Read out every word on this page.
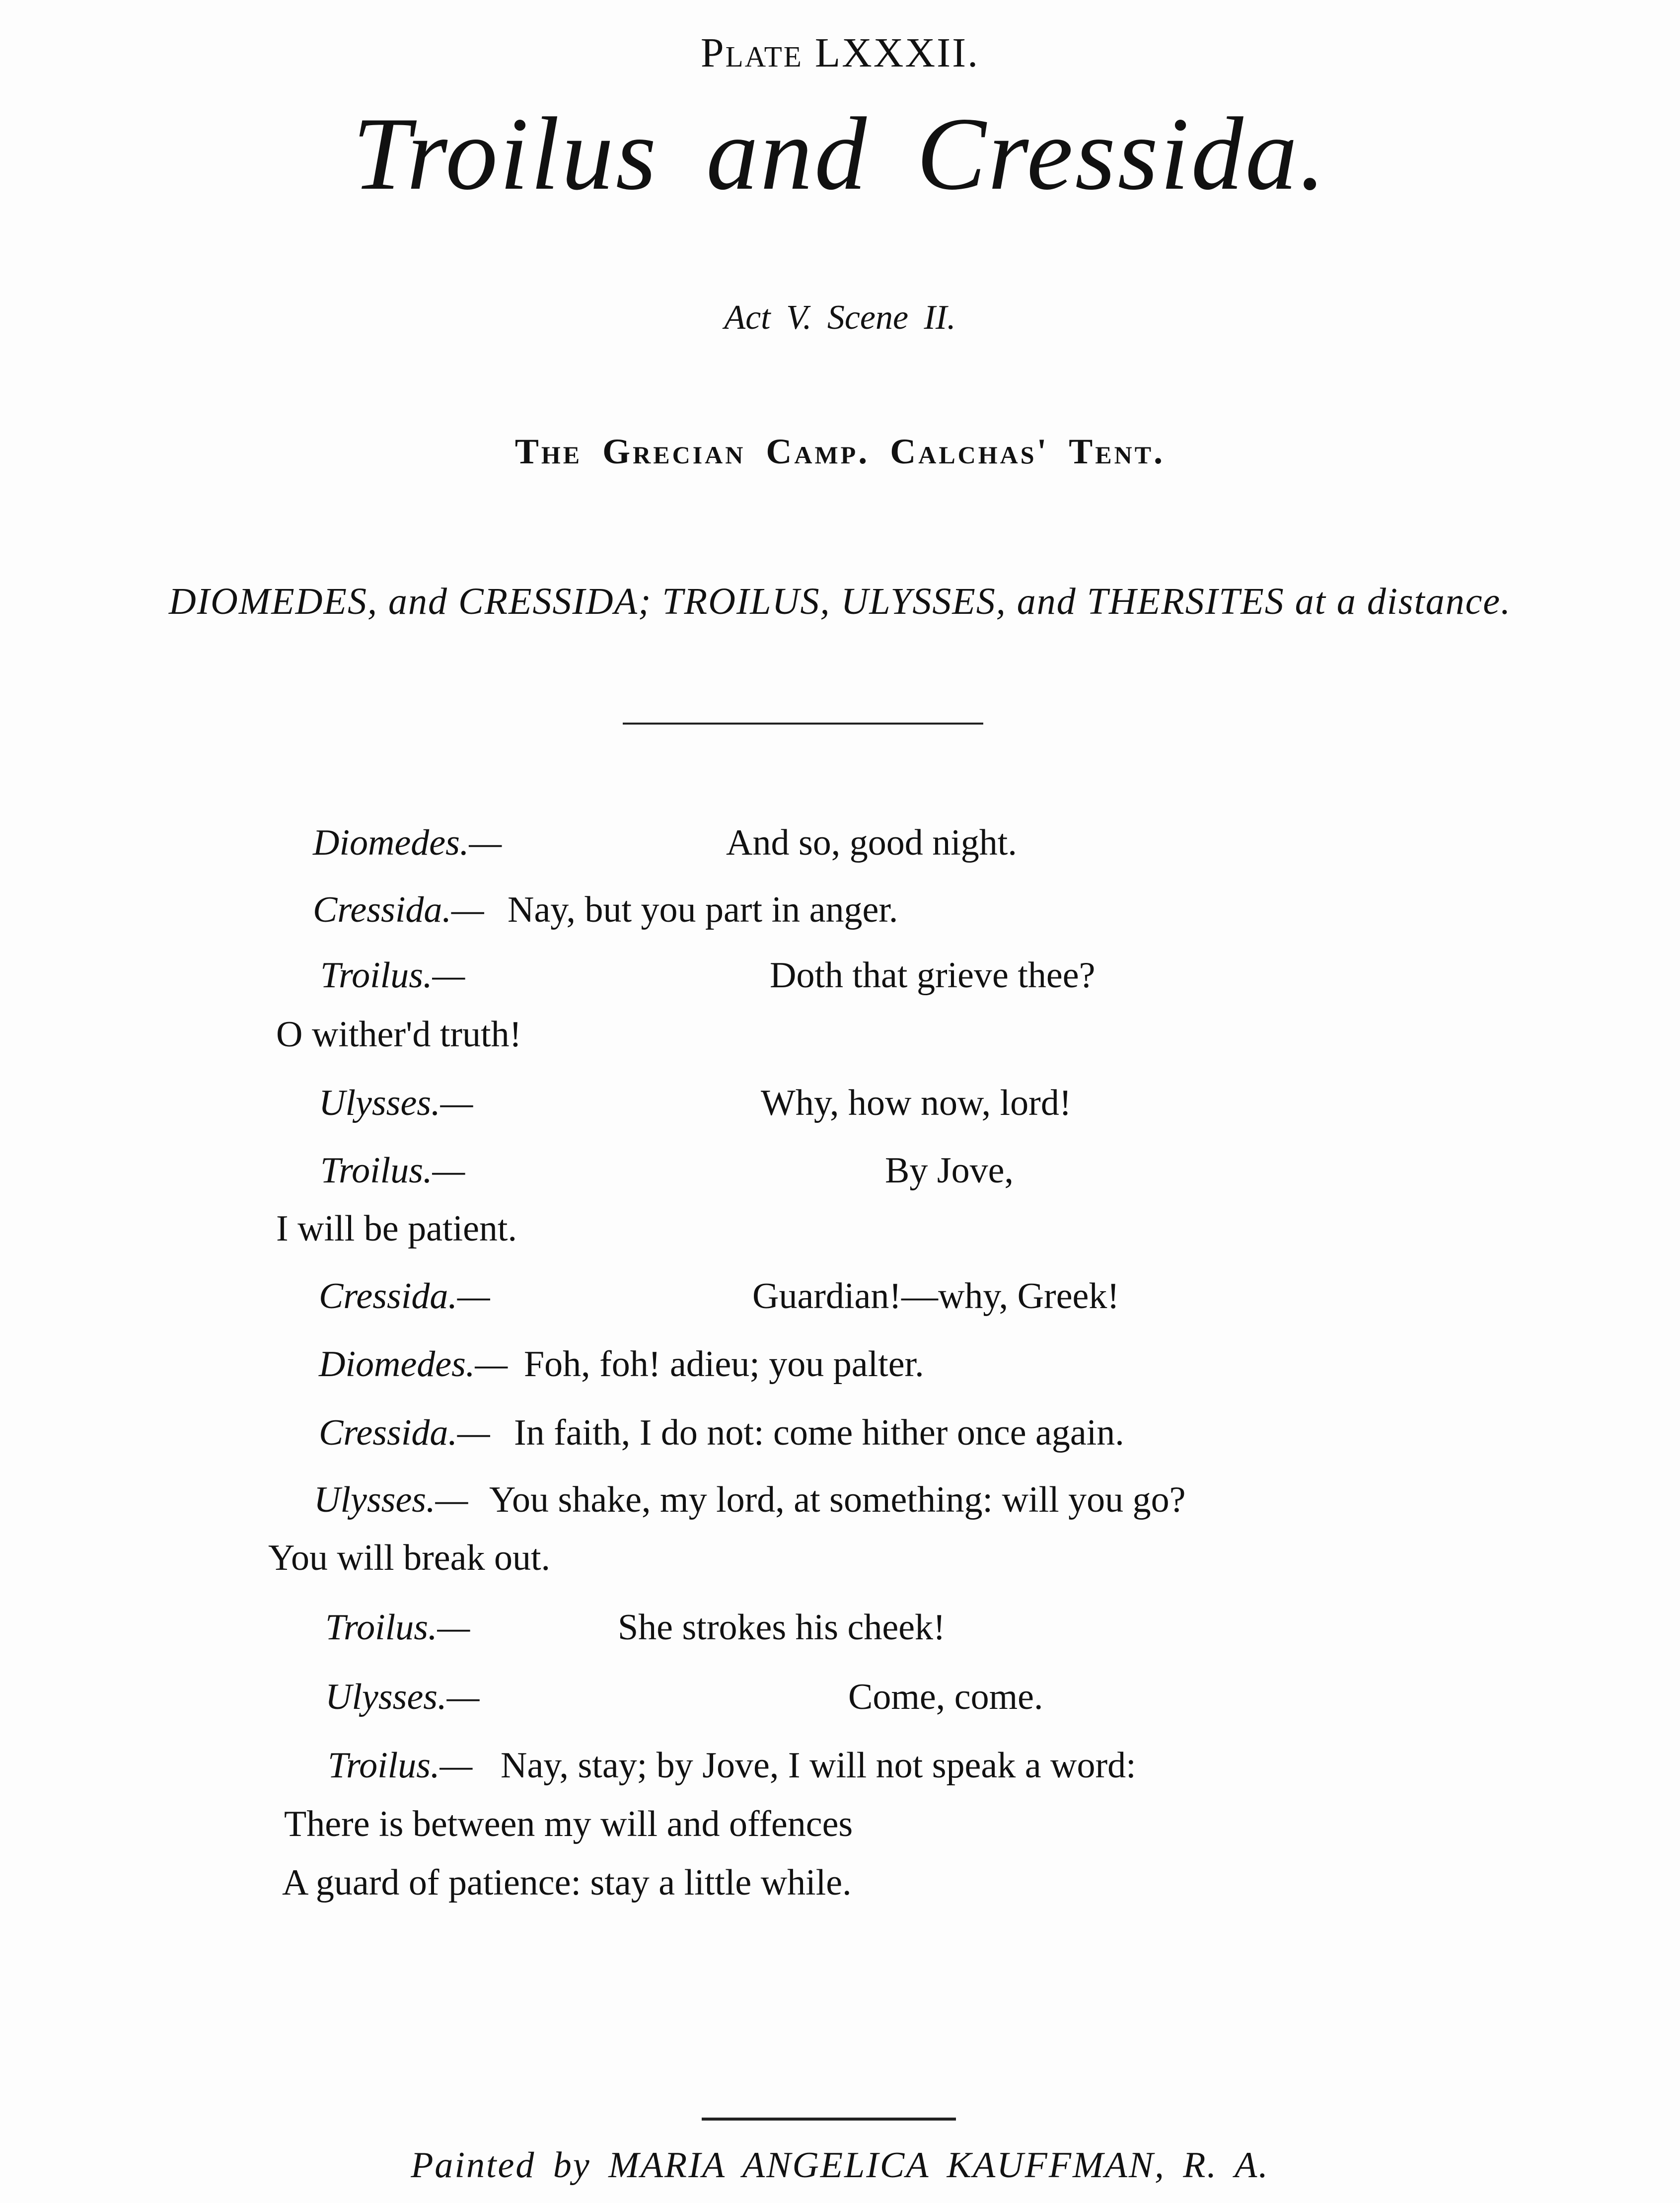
Plate LXXXII.
Troilus and Cressida.
Act V. Scene II.
The Grecian Camp. Calchas' Tent.
DIOMEDES, and CRESSIDA; TROILUS, ULYSSES, and THERSITES at a distance.
Diomedes.—	And so, good night.
Cressida.— Nay, but you part in anger.
Troilus.—	Doth that grieve thee?
O wither'd truth!
Ulysses.—	Why, how now, lord!
Troilus.—	By Jove,
I will be patient.
Cressida.—	Guardian!—why, Greek!
Diomedes.— Foh, foh! adieu; you palter.
Cressida.— In faith, I do not: come hither once again.
Ulysses.— You shake, my lord, at something: will you go?
You will break out.
Troilus.—	She strokes his cheek!
Ulysses.—	Come, come.
Troilus.— Nay, stay; by Jove, I will not speak a word:
There is between my will and offences
A guard of patience: stay a little while.
Painted by MARIA ANGELICA KAUFFMAN, R. A.
